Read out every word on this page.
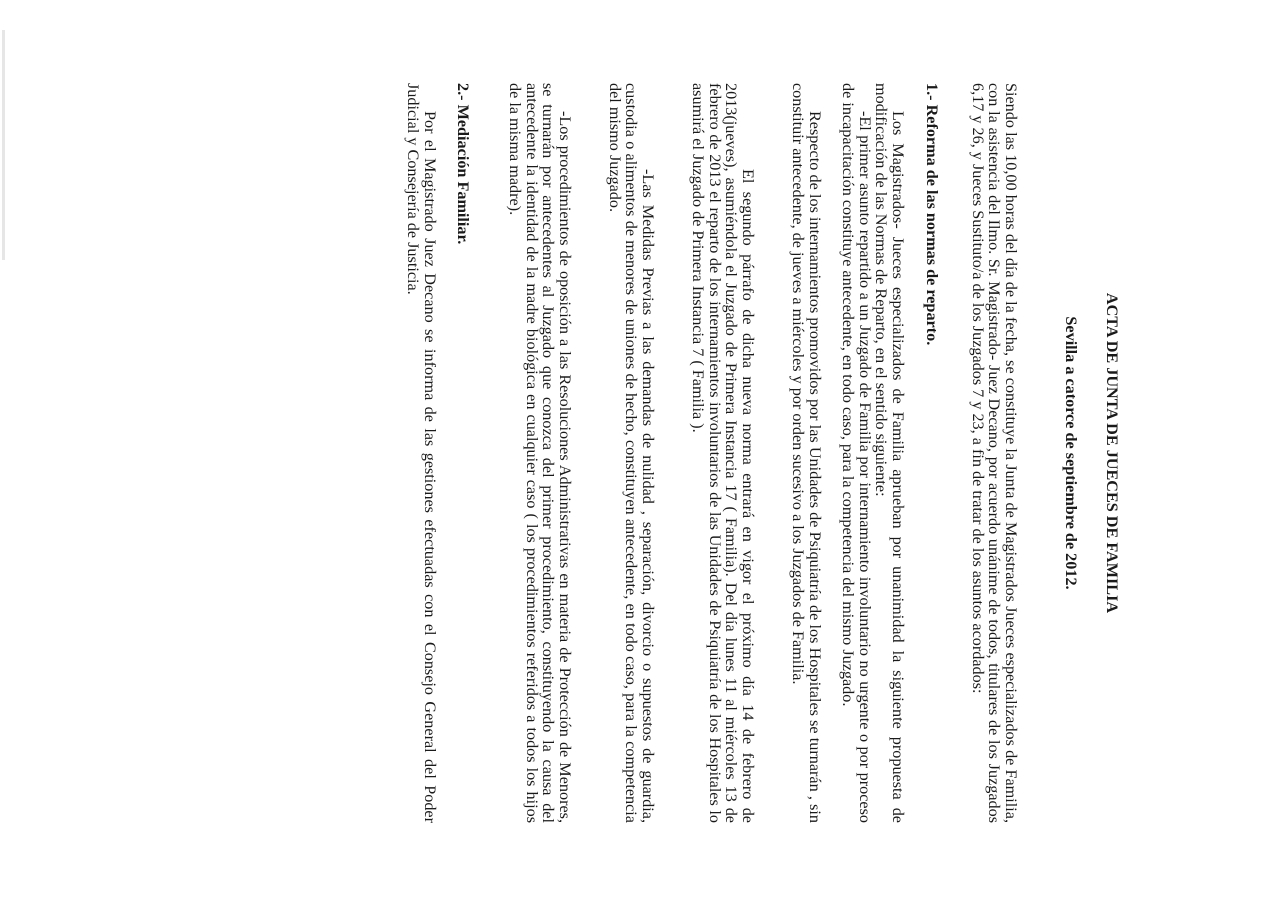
ACTA DE JUNTA DE JUECES DE FAMILIA
Sevilla a catorce de septiembre de 2012.

Siendo las 10,00 horas del día de la fecha, se constituye la Junta de Magistrados Jueces especializados de Familia, con la asistencia del Ilmo. Sr. Magistrado- Juez Decano, por acuerdo unánime de todos, titulares de los Juzgados 6,17 y 26, y Jueces Sustituto/a de los Juzgados 7 y 23, a fin de tratar de los asuntos acordados:

1.- Reforma de las normas de reparto.

Los Magistrados- Jueces especializados de Familia aprueban por unanimidad la siguiente propuesta de modificación de las Normas de Reparto, en el sentido siguiente:

-El primer asunto repartido a un Juzgado de Familia por internamiento involuntario no urgente o por proceso de incapacitación constituye antecedente, en todo caso, para la competencia del mismo Juzgado.

Respecto de los internamientos promovidos por las Unidades de Psiquiatría de los Hospitales se turnarán , sin constituir antecedente, de jueves a miércoles y por orden sucesivo a los Juzgados de Familia.

El segundo párrafo de dicha nueva norma entrará en vigor el próximo día 14 de febrero de 2013(jueves), asumiéndola el Juzgado de Primera Instancia 17 ( Familia). Del día lunes 11 al miércoles 13 de febrero de 2013 el reparto de los internamientos involuntarios de las Unidades de Psiquiatría de los Hospitales lo asumirá el Juzgado de Primera Instancia 7 ( Familia ).

-Las Medidas Previas a las demandas de nulidad , separación, divorcio o supuestos de guardia, custodia o alimentos de menores de uniones de hecho, constituyen antecedente, en todo caso, para la competencia del mismo Juzgado.

-Los procedimientos de oposición a las Resoluciones Administrativas en materia de Protección de Menores, se turnarán por antecedentes al Juzgado que conozca del primer procedimiento, constituyendo la causa del antecedente la identidad de la madre biológica en cualquier caso ( los procedimientos referidos a todos los hijos de la misma madre).

2.- Mediación Familiar.

Por el Magistrado Juez Decano se informa de las gestiones efectuadas con el Consejo General del Poder Judicial y Consejería de Justicia.
